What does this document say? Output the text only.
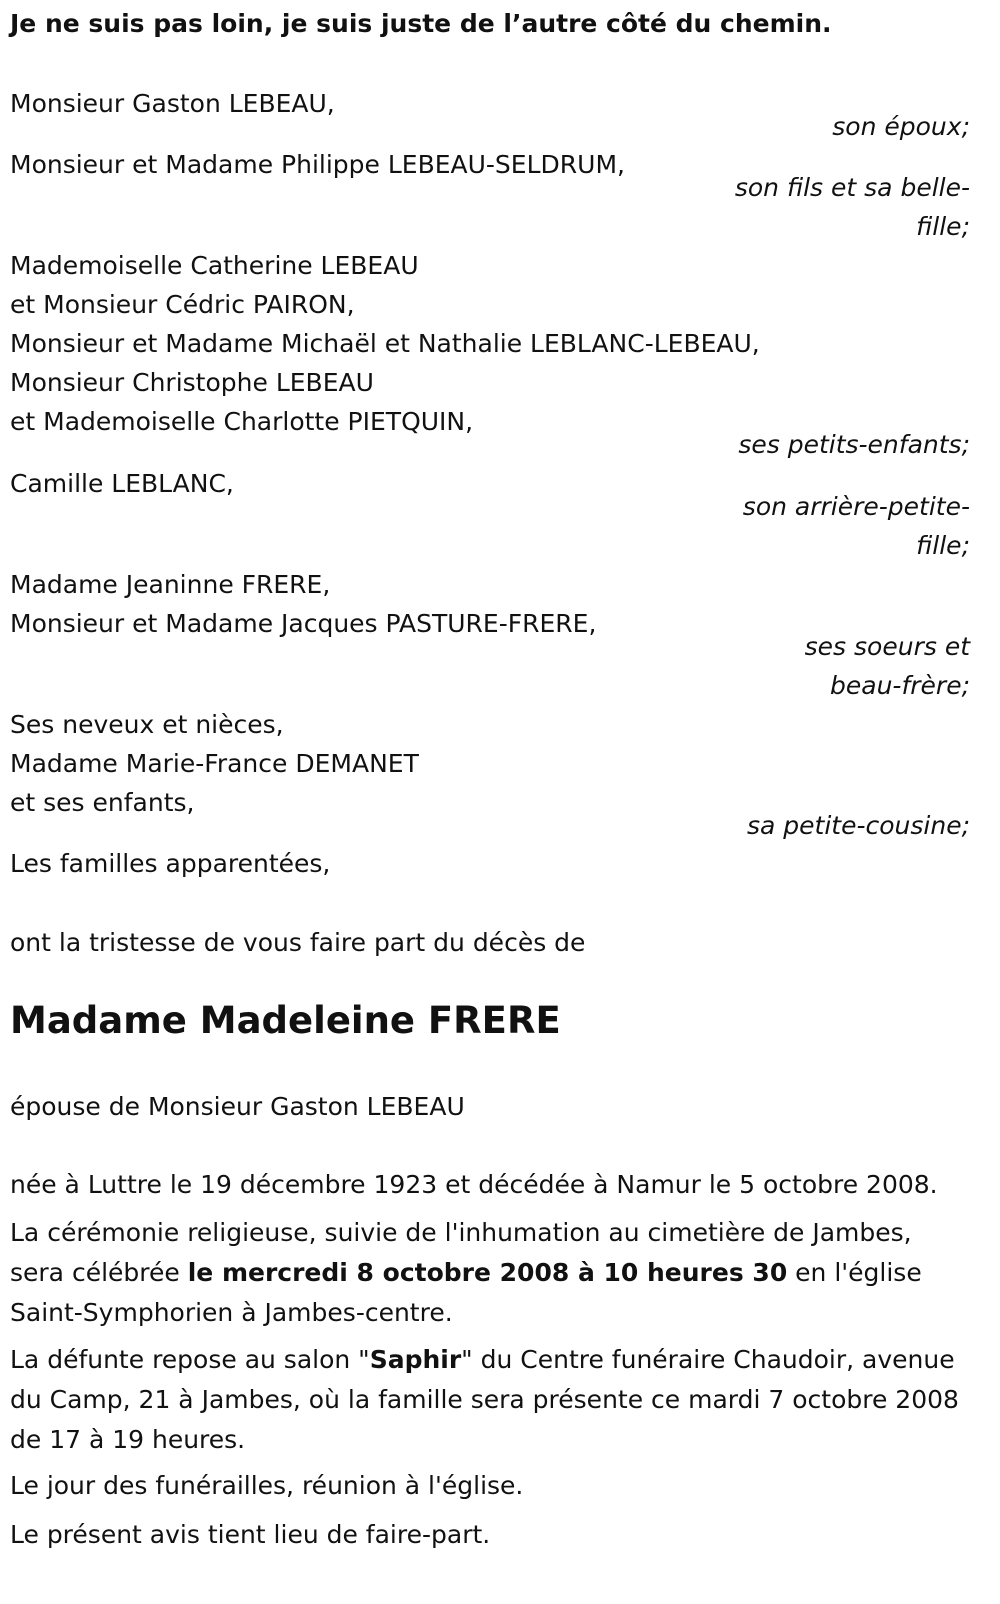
Je ne suis pas loin, je suis juste de l’autre côté du chemin.

Monsieur Gaston LEBEAU,

son époux;

Monsieur et Madame Philippe LEBEAU-SELDRUM,

son fils et sa belle-

fille;

Mademoiselle Catherine LEBEAU

et Monsieur Cédric PAIRON,

Monsieur et Madame Michaël et Nathalie LEBLANC-LEBEAU,

Monsieur Christophe LEBEAU

et Mademoiselle Charlotte PIETQUIN,

ses petits-enfants;

Camille LEBLANC,

son arrière-petite-

fille;

Madame Jeaninne FRERE,

Monsieur et Madame Jacques PASTURE-FRERE,

ses soeurs et

beau-frère;

Ses neveux et nièces,

Madame Marie-France DEMANET

et ses enfants,

sa petite-cousine;

Les familles apparentées,

ont la tristesse de vous faire part du décès de

Madame Madeleine FRERE

épouse de Monsieur Gaston LEBEAU

née à Luttre le 19 décembre 1923 et décédée à Namur le 5 octobre 2008.

La cérémonie religieuse, suivie de l'inhumation au cimetière de Jambes, sera célébrée le mercredi 8 octobre 2008 à 10 heures 30 en l'église Saint-Symphorien à Jambes-centre.

La défunte repose au salon "Saphir" du Centre funéraire Chaudoir, avenue du Camp, 21 à Jambes, où la famille sera présente ce mardi 7 octobre 2008 de 17 à 19 heures.

Le jour des funérailles, réunion à l'église.

Le présent avis tient lieu de faire-part.
